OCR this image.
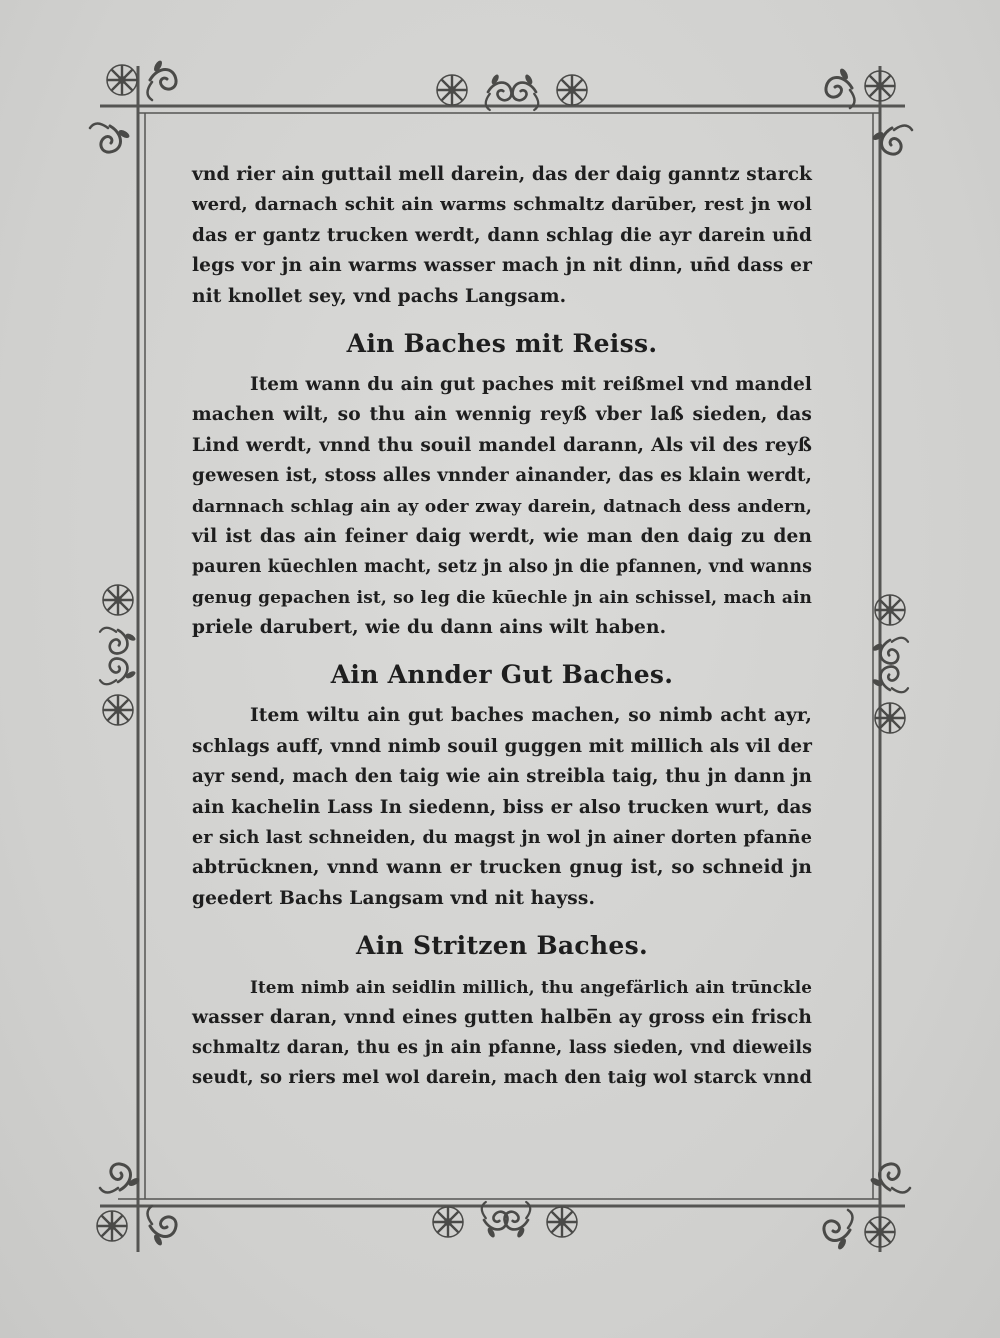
vnd rier ain guttail mell darein, das der daig ganntz starck
werd, darnach schit ain warms schmaltz darūber, rest jn wol
das er gantz trucken werdt, dann schlag die ayr darein un̄d
legs vor jn ain warms wasser mach jn nit dinn, un̄d dass er
nit knollet sey, vnd pachs Langsam.
Ain Baches mit Reiss.
Item wann du ain gut paches mit reißmel vnd mandel
machen wilt, so thu ain wennig reyß vber laß sieden, das
Lind werdt, vnnd thu souil mandel darann, Als vil des reyß
gewesen ist, stoss alles vnnder ainander, das es klain werdt,
darnnach schlag ain ay oder zway darein, datnach dess andern,
vil ist das ain feiner daig werdt, wie man den daig zu den
pauren kūechlen macht, setz jn also jn die pfannen, vnd wanns
genug gepachen ist, so leg die kūechle jn ain schissel, mach ain
priele darubert, wie du dann ains wilt haben.
Ain Annder Gut Baches.
Item wiltu ain gut baches machen, so nimb acht ayr,
schlags auff, vnnd nimb souil guggen mit millich als vil der
ayr send, mach den taig wie ain streibla taig, thu jn dann jn
ain kachelin Lass In siedenn, biss er also trucken wurt, das
er sich last schneiden, du magst jn wol jn ainer dorten pfann̄e
abtrūcknen, vnnd wann er trucken gnug ist, so schneid jn
geedert Bachs Langsam vnd nit hayss.
Ain Stritzen Baches.
Item nimb ain seidlin millich, thu angefärlich ain trūnckle
wasser daran, vnnd eines gutten halbe̅n ay gross ein frisch
schmaltz daran, thu es jn ain pfanne, lass sieden, vnd dieweils
seudt, so riers mel wol darein, mach den taig wol starck vnnd
